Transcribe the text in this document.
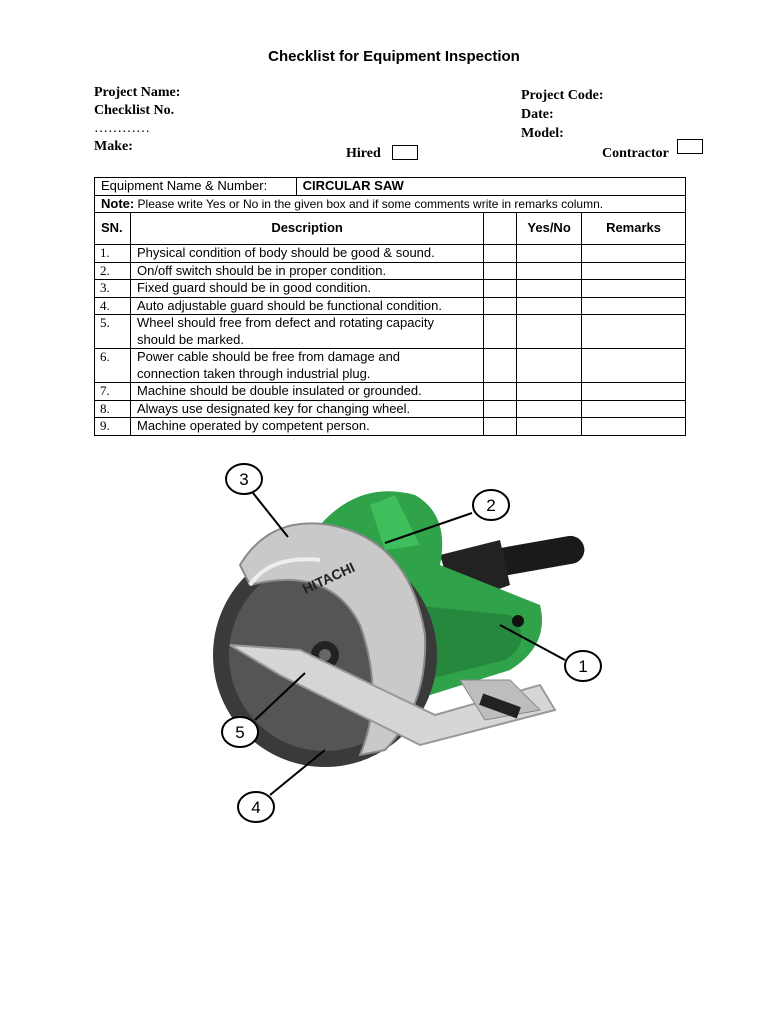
Checklist for Equipment Inspection
Project Name:
Checklist No.
…………
Make:	Hired
Project Code:
Date:
Model:
Contractor
Equipment Name & Number:		CIRCULAR SAW			
Note: Please write Yes or No in the given box and if some comments write in remarks column.					
SN.	Description			Yes/No	Remarks
1.	Physical condition of body should be good & sound.				

2.	On/off switch should be in proper condition.				

3.	Fixed guard should be in good condition.				

4.	Auto adjustable guard should be functional condition.				

5.	Wheel should free from defect and rotating capacity
should be marked.				

6.	Power cable should be free from damage and
connection taken through industrial plug.				

7.	Machine should be double insulated or grounded.				

8.	Always use designated key for changing wheel.				

9.	Machine operated by competent person.				

HITACHI
1
2
3
4
5
